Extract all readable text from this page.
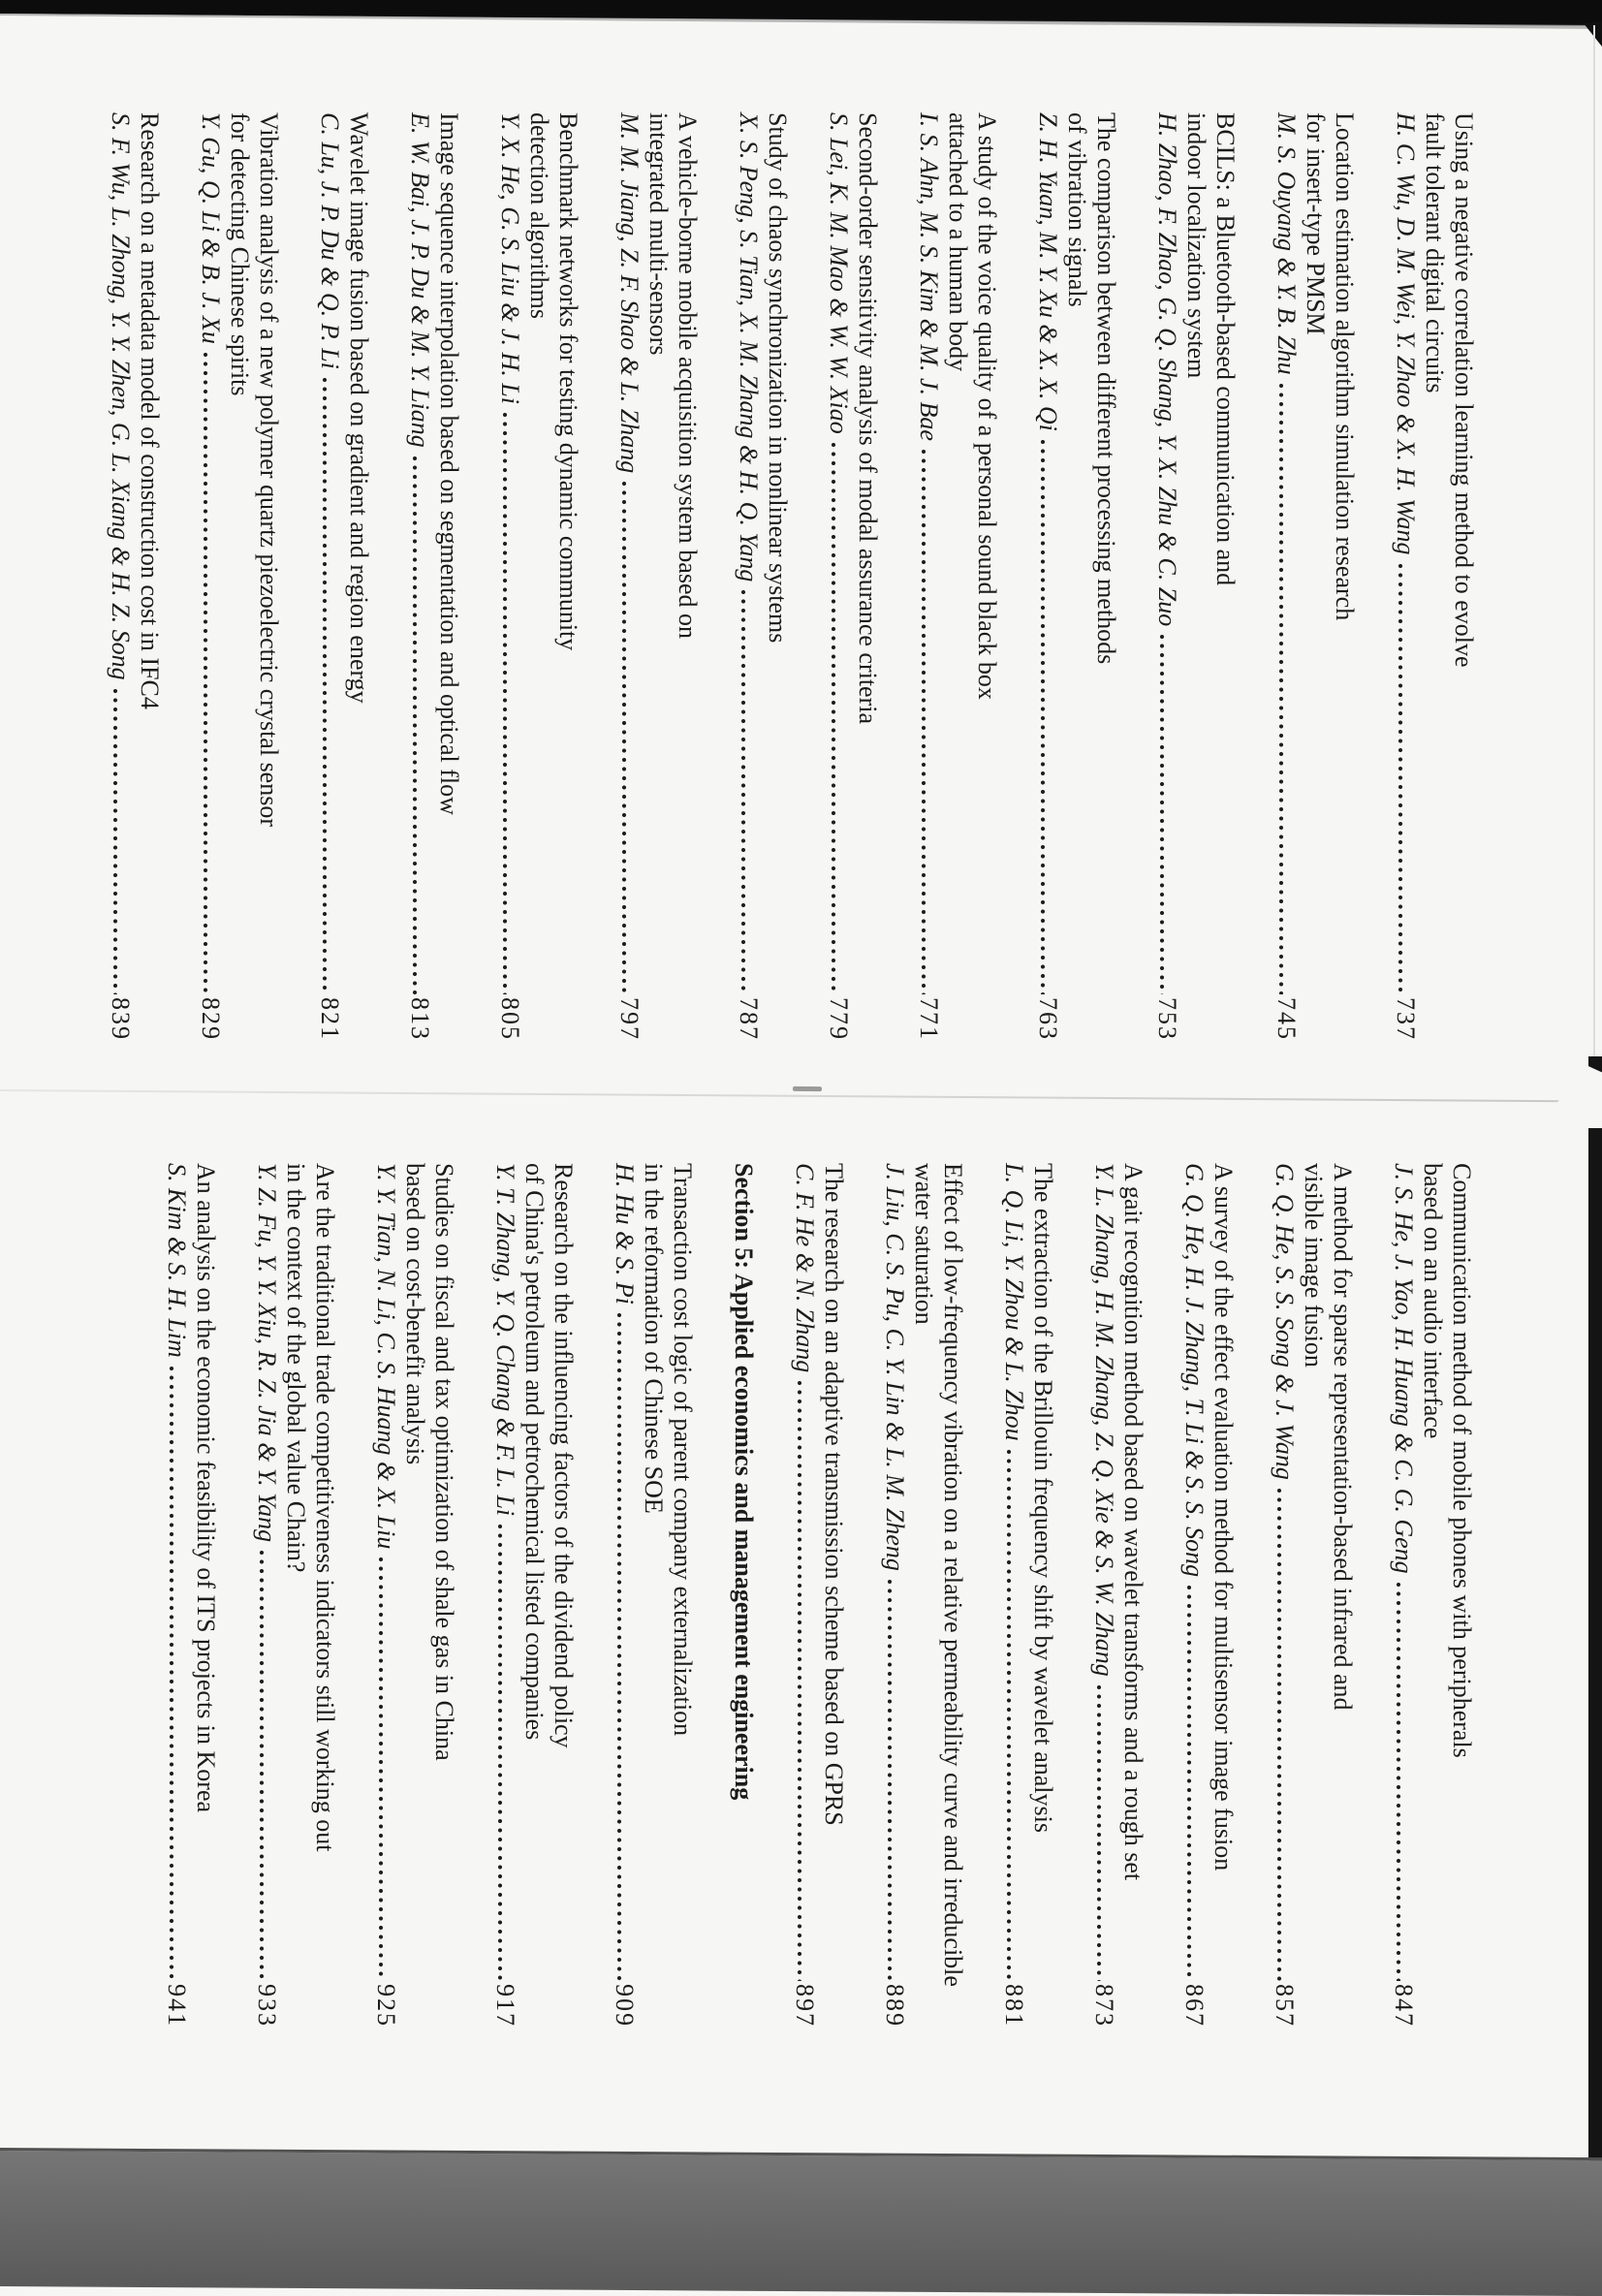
Using a negative correlation learning method to evolve
fault tolerant digital circuits
H. C. Wu, D. M. Wei, Y. Zhao & X. H. Wang
737
Location estimation algorithm simulation research
for insert-type PMSM
M. S. Ouyang & Y. B. Zhu
745
BCILS: a Bluetooth-based communication and
indoor localization system
H. Zhao, F. Zhao, G. Q. Shang, Y. X. Zhu & C. Zuo
753
The comparison between different processing methods
of vibration signals
Z. H. Yuan, M. Y. Xu & X. X. Qi
763
A study of the voice quality of a personal sound black box
attached to a human body
I. S. Ahn, M. S. Kim & M. J. Bae
771
Second-order sensitivity analysis of modal assurance criteria
S. Lei, K. M. Mao & W. W. Xiao
779
Study of chaos synchronization in nonlinear systems
X. S. Peng, S. Tian, X. M. Zhang & H. Q. Yang
787
A vehicle-borne mobile acquisition system based on
integrated multi-sensors
M. M. Jiang, Z. F. Shao & L. Zhang
797
Benchmark networks for testing dynamic community
detection algorithms
Y. X. He, G. S. Liu & J. H. Li
805
Image sequence interpolation based on segmentation and optical flow
E. W. Bai, J. P. Du & M. Y. Liang
813
Wavelet image fusion based on gradient and region energy
C. Lu, J. P. Du & Q. P. Li
821
Vibration analysis of a new polymer quartz piezoelectric crystal sensor
for detecting Chinese spirits
Y. Gu, Q. Li & B. J. Xu
829
Research on a metadata model of construction cost in IFC4
S. F. Wu, L. Zhong, Y. Y. Zhen, G. L. Xiang & H. Z. Song
839
Communication method of mobile phones with peripherals
based on an audio interface
J. S. He, J. Yao, H. Huang & C. G. Geng
847
A method for sparse representation-based infrared and
visible image fusion
G. Q. He, S. S. Song & J. Wang
857
A survey of the effect evaluation method for multisensor image fusion
G. Q. He, H. J. Zhang, T. Li & S. S. Song
867
A gait recognition method based on wavelet transforms and a rough set
Y. L. Zhang, H. M. Zhang, Z. Q. Xie & S. W. Zhang
873
The extraction of the Brillouin frequency shift by wavelet analysis
L. Q. Li, Y. Zhou & L. Zhou
881
Effect of low-frequency vibration on a relative permeability curve and irreducible
water saturation
J. Liu, C. S. Pu, C. Y. Lin & L. M. Zheng
889
The research on an adaptive transmission scheme based on GPRS
C. F. He & N. Zhang
897
Section 5: Applied economics and management engineering
Transaction cost logic of parent company externalization
in the reformation of Chinese SOE
H. Hu & S. Pi
909
Research on the influencing factors of the dividend policy
of China's petroleum and petrochemical listed companies
Y. T. Zhang, Y. Q. Chang & F. L. Li
917
Studies on fiscal and tax optimization of shale gas in China
based on cost-benefit analysis
Y. Y. Tian, N. Li, C. S. Huang & X. Liu
925
Are the traditional trade competitiveness indicators still working out
in the context of the global value Chain?
Y. Z. Fu, Y. Y. Xiu, R. Z. Jia & Y. Yang
933
An analysis on the economic feasibility of ITS projects in Korea
S. Kim & S. H. Lim
941
